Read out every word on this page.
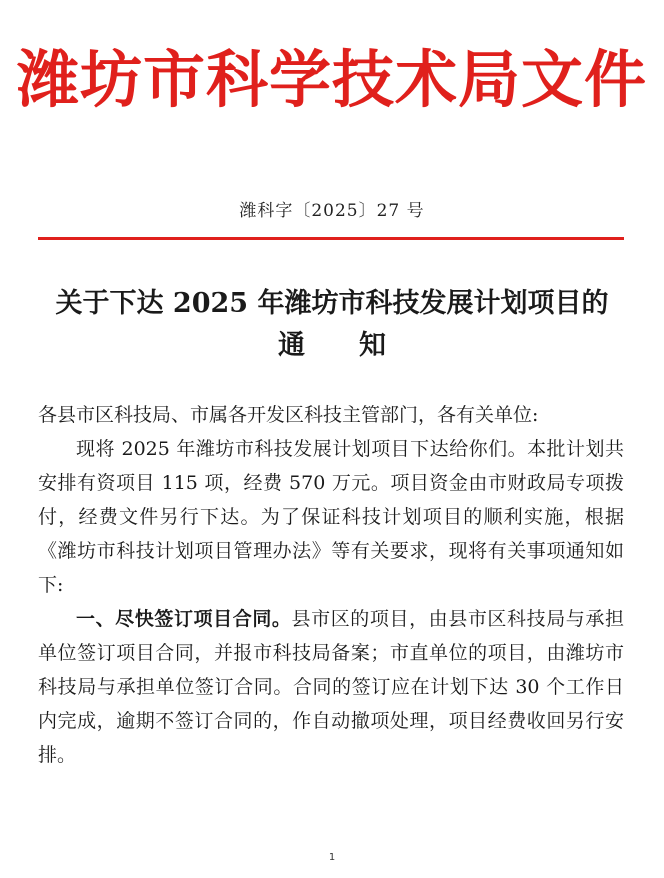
潍坊市科学技术局文件
潍科字〔2025〕27 号
关于下达 2025 年潍坊市科技发展计划项目的
通　　知

各县市区科技局、市属各开发区科技主管部门，各有关单位:

现将 2025 年潍坊市科技发展计划项目下达给你们。本批计划共安排有资项目 115 项，经费 570 万元。项目资金由市财政局专项拨付，经费文件另行下达。为了保证科技计划项目的顺利实施，根据《潍坊市科技计划项目管理办法》等有关要求，现将有关事项通知如下:

一、尽快签订项目合同。县市区的项目，由县市区科技局与承担单位签订项目合同，并报市科技局备案；市直单位的项目，由潍坊市科技局与承担单位签订合同。合同的签订应在计划下达 30 个工作日内完成，逾期不签订合同的，作自动撤项处理，项目经费收回另行安排。

1
